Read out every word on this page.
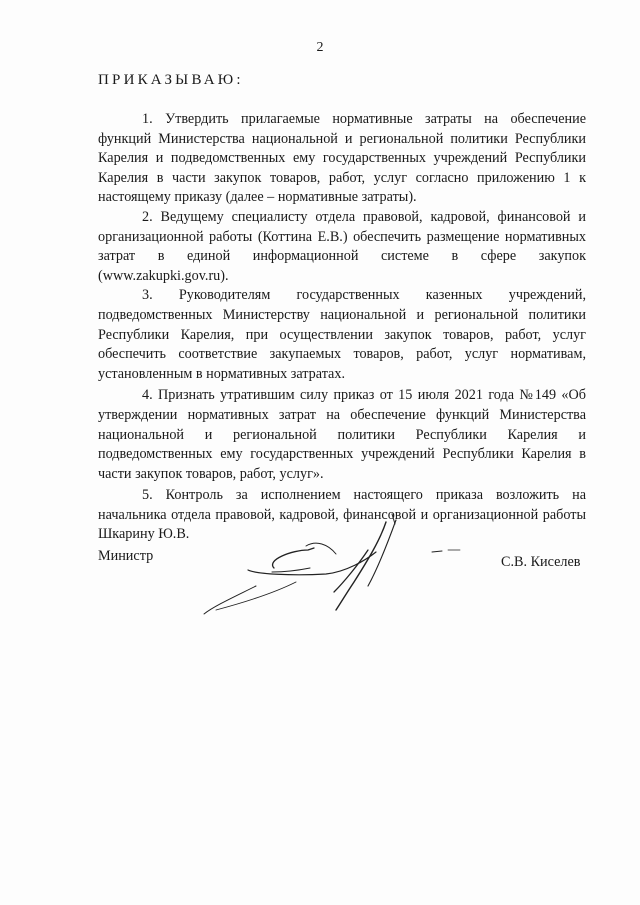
2
ПРИКАЗЫВАЮ:

1. Утвердить прилагаемые нормативные затраты на обеспечение функций Министерства национальной и региональной политики Республики Карелия и подведомственных ему государственных учреждений Республики Карелия в части закупок товаров, работ, услуг согласно приложению 1 к настоящему приказу (далее – нормативные затраты).

2. Ведущему специалисту отдела правовой, кадровой, финансовой и организационной работы (Коттина Е.В.) обеспечить размещение нормативных затрат в единой информационной системе в сфере закупок (www.zakupki.gov.ru).

3. Руководителям государственных казенных учреждений, подведомственных Министерству национальной и региональной политики Республики Карелия, при осуществлении закупок товаров, работ, услуг обеспечить соответствие закупаемых товаров, работ, услуг нормативам, установленным в нормативных затратах.

4. Признать утратившим силу приказ от 15 июля 2021 года №149 «Об утверждении нормативных затрат на обеспечение функций Министерства национальной и региональной политики Республики Карелия и подведомственных ему государственных учреждений Республики Карелия в части закупок товаров, работ, услуг».

5. Контроль за исполнением настоящего приказа возложить на начальника отдела правовой, кадровой, финансовой и организационной работы Шкарину Ю.В.

Министр	С.В. Киселев
